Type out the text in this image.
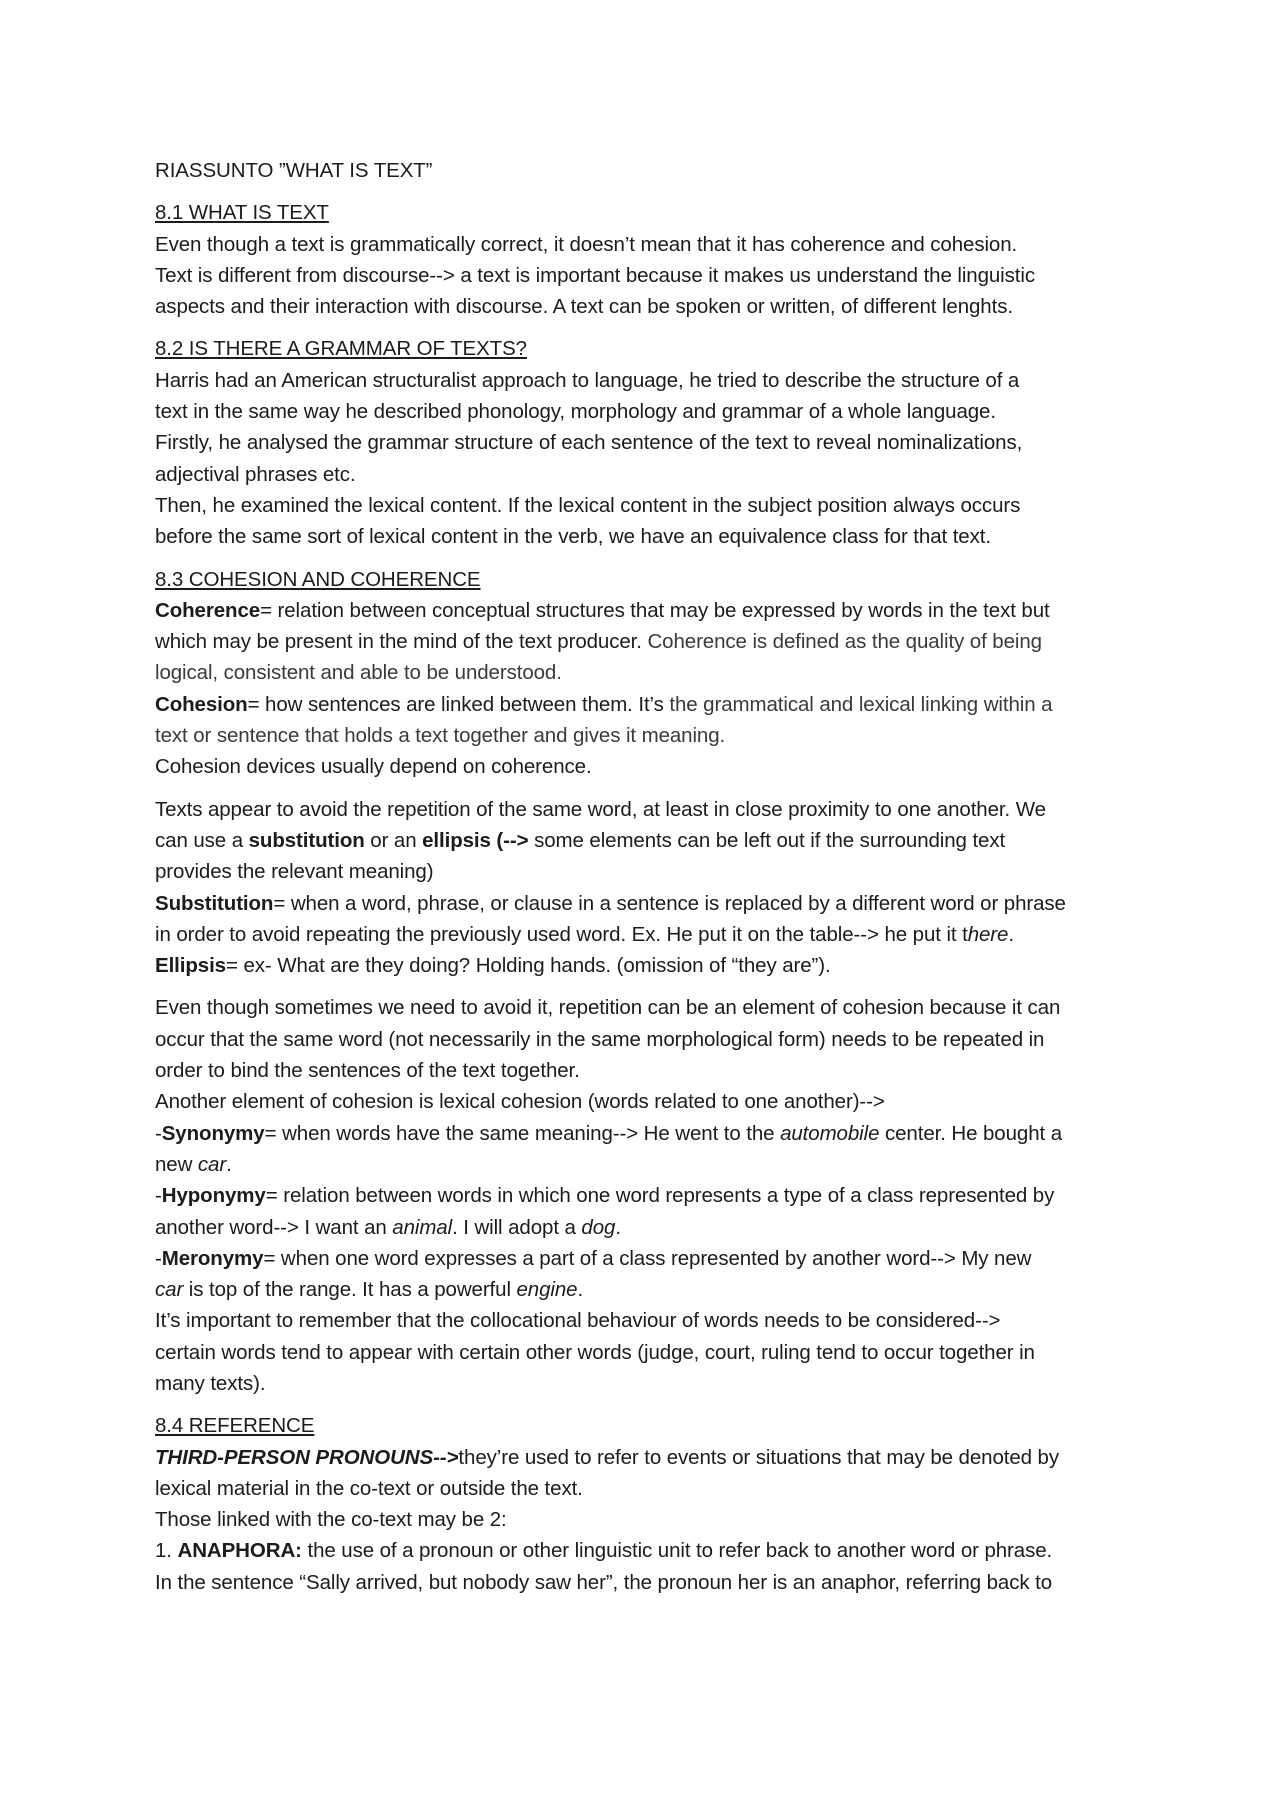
RIASSUNTO ”WHAT IS TEXT”

8.1 WHAT IS TEXT

Even though a text is grammatically correct, it doesn’t mean that it has coherence and cohesion.

Text is different from discourse--> a text is important because it makes us understand the linguistic

aspects and their interaction with discourse. A text can be spoken or written, of different lenghts.

8.2 IS THERE A GRAMMAR OF TEXTS?

Harris had an American structuralist approach to language, he tried to describe the structure of a

text in the same way he described phonology, morphology and grammar of a whole language.

Firstly, he analysed the grammar structure of each sentence of the text to reveal nominalizations,

adjectival phrases etc.

Then, he examined the lexical content. If the lexical content in the subject position always occurs

before the same sort of lexical content in the verb, we have an equivalence class for that text.

8.3 COHESION AND COHERENCE

Coherence= relation between conceptual structures that may be expressed by words in the text but

which may be present in the mind of the text producer. Coherence is defined as the quality of being

logical, consistent and able to be understood.

Cohesion= how sentences are linked between them. It’s the grammatical and lexical linking within a

text or sentence that holds a text together and gives it meaning.

Cohesion devices usually depend on coherence.

Texts appear to avoid the repetition of the same word, at least in close proximity to one another. We

can use a substitution or an ellipsis (--> some elements can be left out if the surrounding text

provides the relevant meaning)

Substitution= when a word, phrase, or clause in a sentence is replaced by a different word or phrase

in order to avoid repeating the previously used word. Ex. He put it on the table--> he put it there.

Ellipsis= ex- What are they doing? Holding hands. (omission of “they are”).

Even though sometimes we need to avoid it, repetition can be an element of cohesion because it can

occur that the same word (not necessarily in the same morphological form) needs to be repeated in

order to bind the sentences of the text together.

Another element of cohesion is lexical cohesion (words related to one another)-->

-Synonymy= when words have the same meaning--> He went to the automobile center. He bought a

new car.

-Hyponymy= relation between words in which one word represents a type of a class represented by

another word--> I want an animal. I will adopt a dog.

-Meronymy= when one word expresses a part of a class represented by another word--> My new

car is top of the range. It has a powerful engine.

It’s important to remember that the collocational behaviour of words needs to be considered-->

certain words tend to appear with certain other words (judge, court, ruling tend to occur together in

many texts).

8.4 REFERENCE

THIRD-PERSON PRONOUNS-->they’re used to refer to events or situations that may be denoted by

lexical material in the co-text or outside the text.

Those linked with the co-text may be 2:

1. ANAPHORA: the use of a pronoun or other linguistic unit to refer back to another word or phrase.

In the sentence “Sally arrived, but nobody saw her”, the pronoun her is an anaphor, referring back to
